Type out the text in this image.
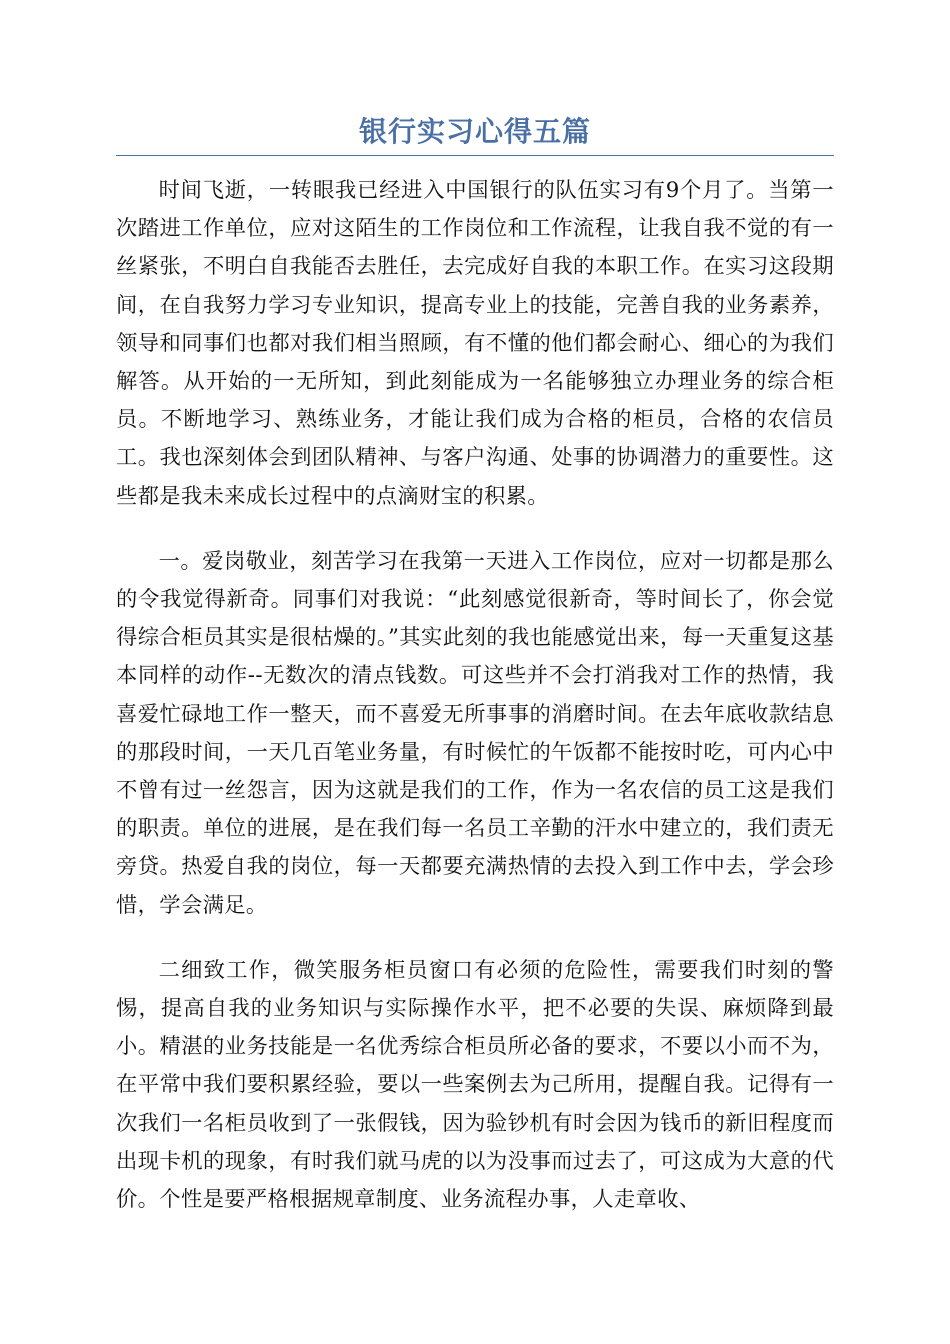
银行实习心得五篇

时间飞逝，一转眼我已经进入中国银行的队伍实习有9个月了。当第一次踏进工作单位，应对这陌生的工作岗位和工作流程，让我自我不觉的有一丝紧张，不明白自我能否去胜任，去完成好自我的本职工作。在实习这段期间，在自我努力学习专业知识，提高专业上的技能，完善自我的业务素养，领导和同事们也都对我们相当照顾，有不懂的他们都会耐心、细心的为我们解答。从开始的一无所知，到此刻能成为一名能够独立办理业务的综合柜员。不断地学习、熟练业务，才能让我们成为合格的柜员，合格的农信员工。我也深刻体会到团队精神、与客户沟通、处事的协调潜力的重要性。这些都是我未来成长过程中的点滴财宝的积累。

一。爱岗敬业，刻苦学习在我第一天进入工作岗位，应对一切都是那么的令我觉得新奇。同事们对我说：“此刻感觉很新奇，等时间长了，你会觉得综合柜员其实是很枯燥的。”其实此刻的我也能感觉出来，每一天重复这基本同样的动作--无数次的清点钱数。可这些并不会打消我对工作的热情，我喜爱忙碌地工作一整天，而不喜爱无所事事的消磨时间。在去年底收款结息的那段时间，一天几百笔业务量，有时候忙的午饭都不能按时吃，可内心中不曾有过一丝怨言，因为这就是我们的工作，作为一名农信的员工这是我们的职责。单位的进展，是在我们每一名员工辛勤的汗水中建立的，我们责无旁贷。热爱自我的岗位，每一天都要充满热情的去投入到工作中去，学会珍惜，学会满足。

二细致工作，微笑服务柜员窗口有必须的危险性，需要我们时刻的警惕，提高自我的业务知识与实际操作水平，把不必要的失误、麻烦降到最小。精湛的业务技能是一名优秀综合柜员所必备的要求，不要以小而不为，在平常中我们要积累经验，要以一些案例去为己所用，提醒自我。记得有一次我们一名柜员收到了一张假钱，因为验钞机有时会因为钱币的新旧程度而出现卡机的现象，有时我们就马虎的以为没事而过去了，可这成为大意的代价。个性是要严格根据规章制度、业务流程办事，人走章收、
